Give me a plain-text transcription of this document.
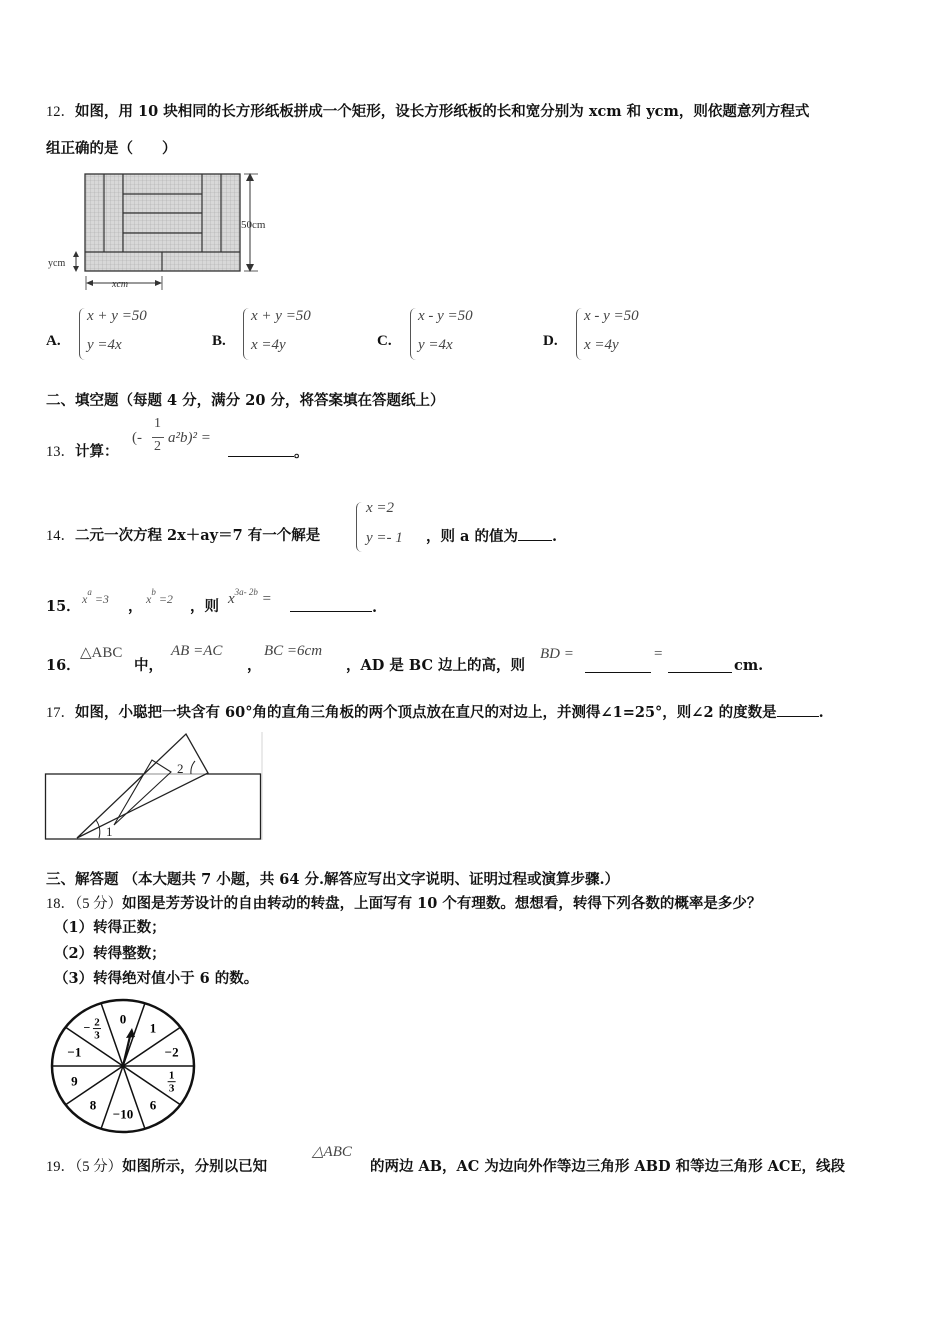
12．如图，用 10 块相同的长方形纸板拼成一个矩形，设长方形纸板的长和宽分别为 xcm 和 ycm，则依题意列方程式
组正确的是（　　）
50cm
ycm
xcm
A.
x + y =50
y =4x	B.
x + y =50
x =4y	C.
x - y =50
y =4x	D.
x - y =50
x =4y
二、填空题（每题 4 分，满分 20 分，将答案填在答题纸上）
13．计算：
(-
1
2
a²b)² =
。
14．二元一次方程 2x＋ay＝7 有一个解是
x =2
y =- 1 ，则 a 的值为 .
15． $x^a =3$ ， $x^b =2$ ，则 $x^{3a- 2b}$ =	.
16．
△ABC
中，
AB =AC
，
BC =6cm
，AD 是 BC 边上的高，则
BD =	=
cm.
17．如图，小聪把一块含有 60°角的直角三角板的两个顶点放在直尺的对边上，并测得∠1=25°，则∠2 的度数是	.
1
2
三、解答题 （本大题共 7 小题，共 64 分.解答应写出文字说明、证明过程或演算步骤.）
18．（5 分）如图是芳芳设计的自由转动的转盘，上面写有 10 个有理数。想想看，转得下列各数的概率是多少？
（1）转得正数；
（2）转得整数；
（3）转得绝对值小于 6 的数。
0
1
−2
1
3
6
−10
8
9
−1
− 2
3
19．（5 分）如图所示，分别以已知
△ABC
的两边 AB，AC 为边向外作等边三角形 ABD 和等边三角形 ACE，线段
